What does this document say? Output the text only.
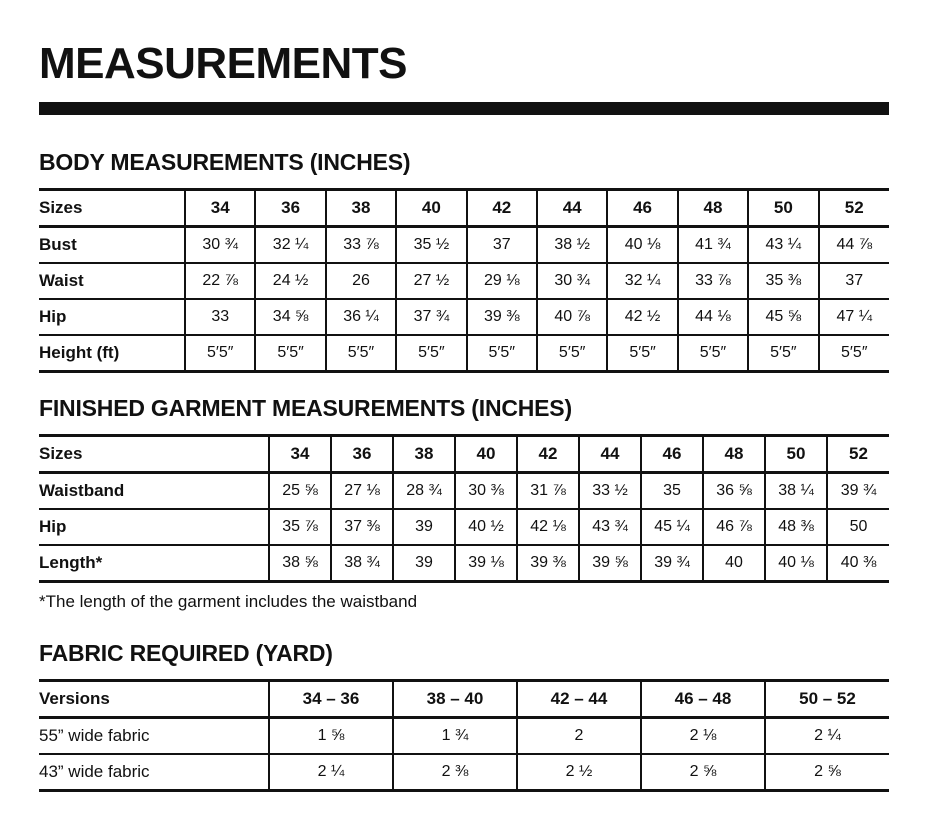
MEASUREMENTS
BODY MEASUREMENTS (INCHES)
Sizes	34	36	38	40	42	44	46	48	50	52
Bust	30 ¾	32 ¼	33 ⅞	35 ½	37	38 ½	40 ⅛	41 ¾	43 ¼	44 ⅞
Waist	22 ⅞	24 ½	26	27 ½	29 ⅛	30 ¾	32 ¼	33 ⅞	35 ⅜	37
Hip	33	34 ⅝	36 ¼	37 ¾	39 ⅜	40 ⅞	42 ½	44 ⅛	45 ⅝	47 ¼
Height (ft)	5′5″	5′5″	5′5″	5′5″	5′5″	5′5″	5′5″	5′5″	5′5″	5′5″
FINISHED GARMENT MEASUREMENTS (INCHES)
Sizes	34	36	38	40	42	44	46	48	50	52
Waistband	25 ⅝	27 ⅛	28 ¾	30 ⅜	31 ⅞	33 ½	35	36 ⅝	38 ¼	39 ¾
Hip	35 ⅞	37 ⅜	39	40 ½	42 ⅛	43 ¾	45 ¼	46 ⅞	48 ⅜	50
Length*	38 ⅝	38 ¾	39	39 ⅛	39 ⅜	39 ⅝	39 ¾	40	40 ⅛	40 ⅜

*The length of the garment includes the waistband

FABRIC REQUIRED (YARD)
Versions	34 – 36	38 – 40	42 – 44	46 – 48	50 – 52
55” wide fabric	1 ⅝	1 ¾	2	2 ⅛	2 ¼
43” wide fabric	2 ¼	2 ⅜	2 ½	2 ⅝	2 ⅝
